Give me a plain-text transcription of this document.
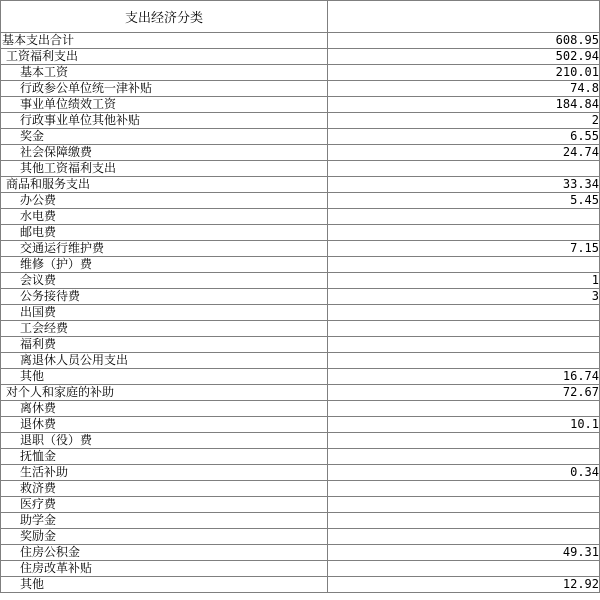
支出经济分类	
基本支出合计	608.95
工资福利支出	502.94
基本工资	210.01
行政参公单位统一津补贴	74.8
事业单位绩效工资	184.84
行政事业单位其他补贴	2
奖金	6.55
社会保障缴费	24.74
其他工资福利支出	
商品和服务支出	33.34
办公费	5.45
水电费	
邮电费	
交通运行维护费	7.15
维修（护）费	
会议费	1
公务接待费	3
出国费	
工会经费	
福利费	
离退休人员公用支出	
其他	16.74
对个人和家庭的补助	72.67
离休费	
退休费	10.1
退职（役）费	
抚恤金	
生活补助	0.34
救济费	
医疗费	
助学金	
奖励金	
住房公积金	49.31
住房改革补贴	
其他	12.92
